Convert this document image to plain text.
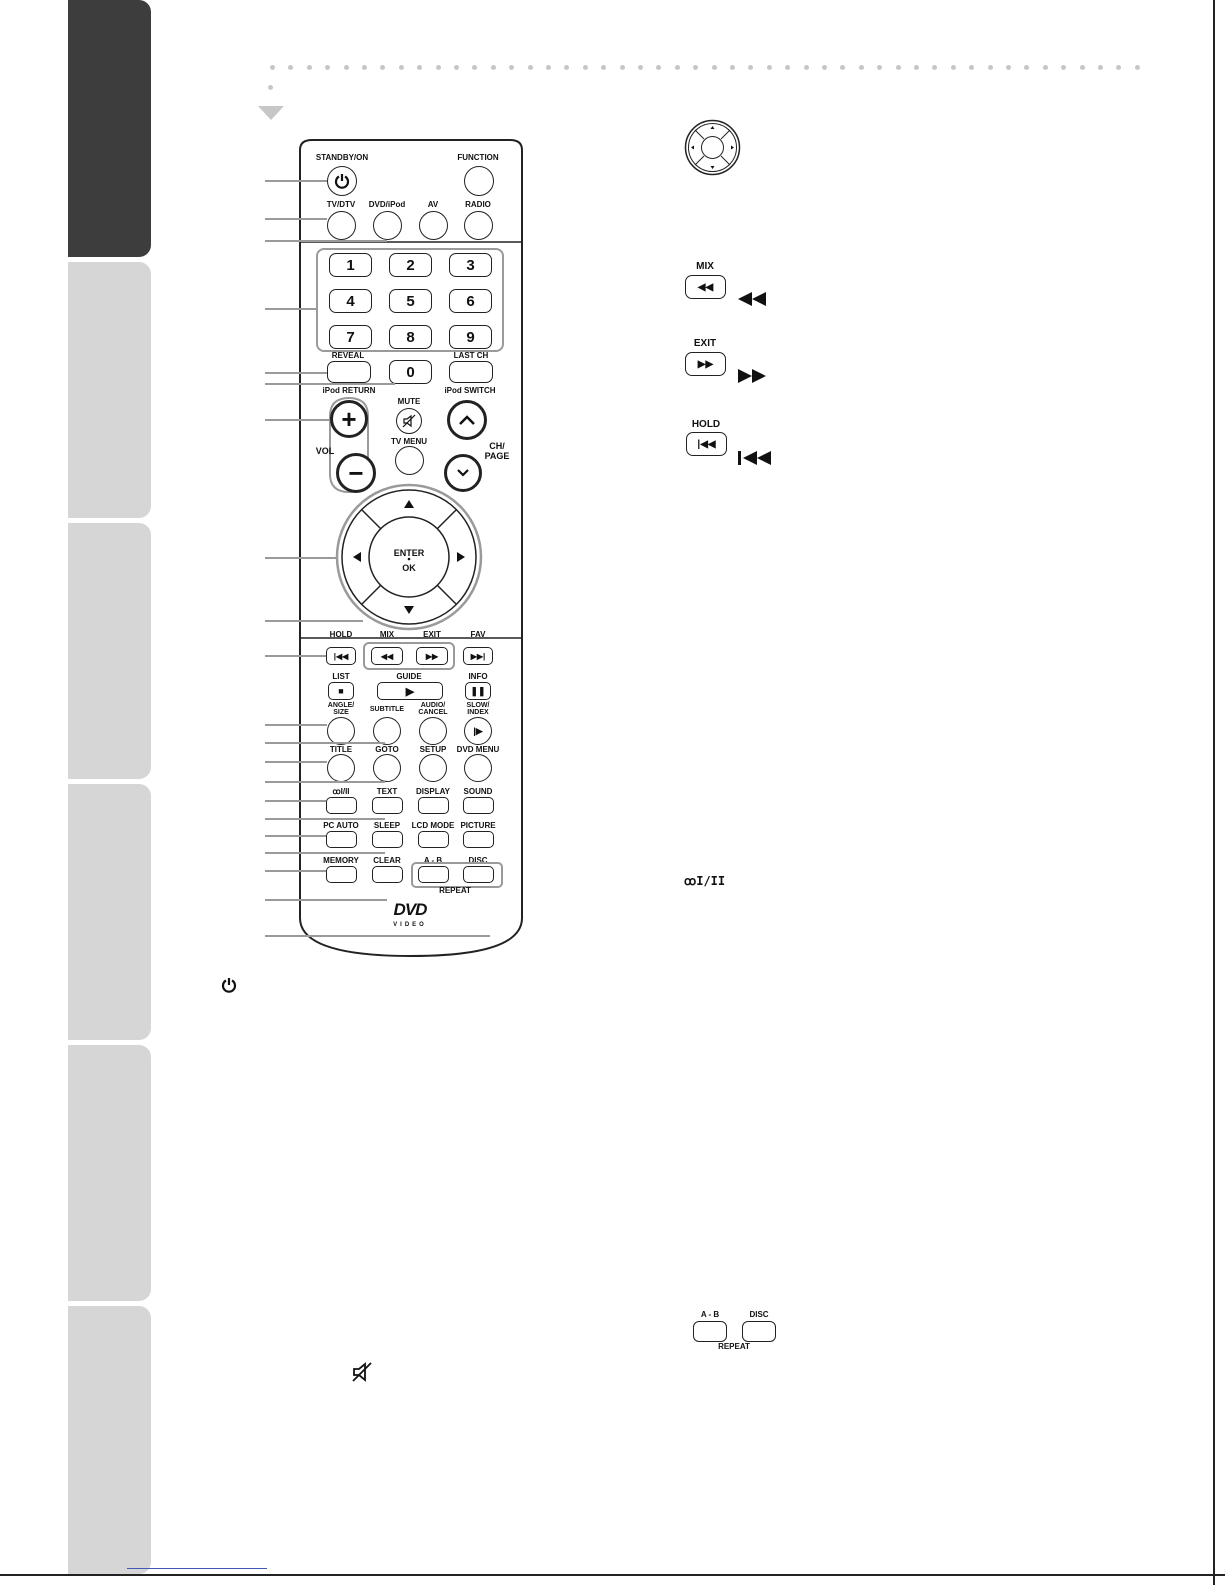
STANDBY/ON	FUNCTION
TV/DTV DVD/iPod	AV	RADIO
1	2	3
4	5	6
7	8	9
REVEAL	LAST CH
0
iPod RETURN	iPod SWITCH
MUTE
+
−
VOL
TV MENU	CH/
PAGE
ENTER
OK
HOLD	MIX	EXIT	FAV
|◀◀	◀◀	▶▶	▶▶|
LIST	GUIDE	INFO
■	▶	❚❚
ANGLE/
SIZE	SUBTITLE
AUDIO/
CANCEL
SLOW/
INDEX
|▶
TITLE	GOTO	SETUP DVD MENU
ꝏI/II	TEXT DISPLAY SOUND
PC AUTO SLEEP LCD MODE PICTURE
MEMORY CLEAR	A - B	DISC
REPEAT
DVD
VIDEO
MIX
◀◀
EXIT
▶▶
HOLD
|◀◀
ꝏI/II
A - B	DISC
REPEAT
